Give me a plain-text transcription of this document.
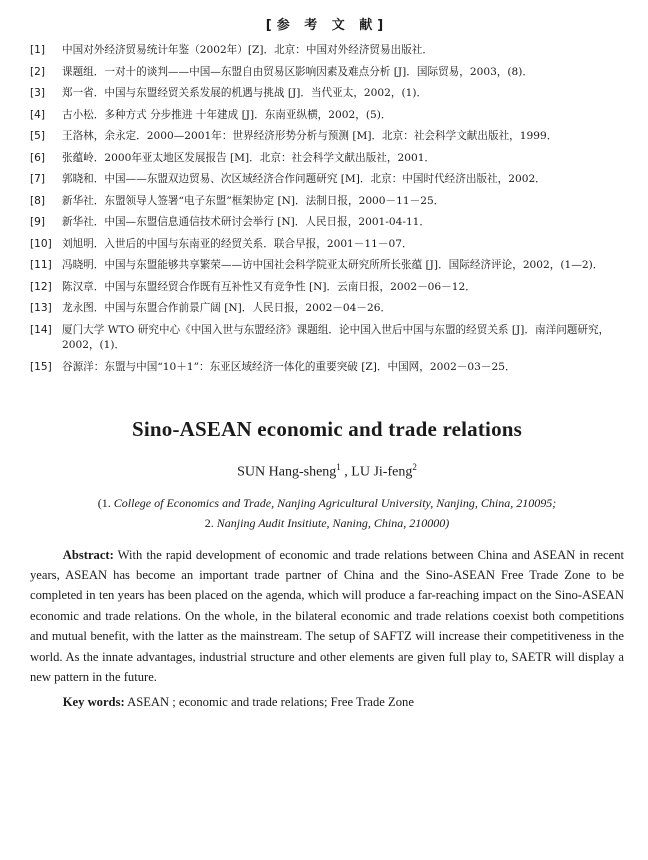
[参 考 文 献]
[1]	中国对外经济贸易统计年鉴（2002年）[Z]．北京：中国对外经济贸易出版社．
[2]	课题组．一对十的谈判——中国—东盟自由贸易区影响因素及难点分析 [J]．国际贸易，2003，(8)．
[3]	郑一省．中国与东盟经贸关系发展的机遇与挑战 [J]．当代亚太，2002，(1)．
[4]	古小松．多种方式 分步推进 十年建成 [J]．东南亚纵横，2002，(5)．
[5]	王洛林，余永定．2000—2001年：世界经济形势分析与预测 [M]．北京：社会科学文献出版社，1999．
[6]	张蕴岭．2000年亚太地区发展报告 [M]．北京：社会科学文献出版社，2001．
[7]	郭晓和．中国——东盟双边贸易、次区域经济合作问题研究 [M]．北京：中国时代经济出版社，2002．
[8]	新华社．东盟领导人签署“电子东盟”框架协定 [N]．法制日报，2000－11－25．
[9]	新华社．中国—东盟信息通信技术研讨会举行 [N]．人民日报，2001-04-11．
[10] 刘旭明．入世后的中国与东南亚的经贸关系．联合早报，2001－11－07．
[11] 冯晓明．中国与东盟能够共享繁荣——访中国社会科学院亚太研究所所长张蕴 [J]．国际经济评论，2002，(1—2)．
[12] 陈汉章．中国与东盟经贸合作既有互补性又有竞争性 [N]．云南日报，2002－06－12．
[13] 龙永图．中国与东盟合作前景广阔 [N]．人民日报，2002－04－26．
[14] 厦门大学 WTO 研究中心《中国入世与东盟经济》课题组．论中国入世后中国与东盟的经贸关系 [J]．南洋问题研究，2002，(1)．
[15] 谷源洋：东盟与中国“10＋1”：东亚区域经济一体化的重要突破 [Z]．中国网，2002－03－25．
Sino-ASEAN economic and trade relations
SUN Hang-sheng$^1$ , LU Ji-feng$^2$
(1. College of Economics and Trade, Nanjing Agricultural University, Nanjing, China, 210095;
2. Nanjing Audit Insitiute, Naning, China, 210000)

Abstract: With the rapid development of economic and trade relations between China and ASEAN in recent years, ASEAN has become an important trade partner of China and the Sino-ASEAN Free Trade Zone to be completed in ten years has been placed on the agenda, which will produce a far-reaching impact on the Sino-ASEAN economic and trade relations. On the whole, in the bilateral economic and trade relations coexist both competitions and mutual benefit, with the latter as the mainstream. The setup of SAFTZ will increase their competitiveness in the world. As the innate advantages, industrial structure and other elements are given full play to, SAETR will display a new pattern in the future.

Key words: ASEAN ; economic and trade relations; Free Trade Zone
